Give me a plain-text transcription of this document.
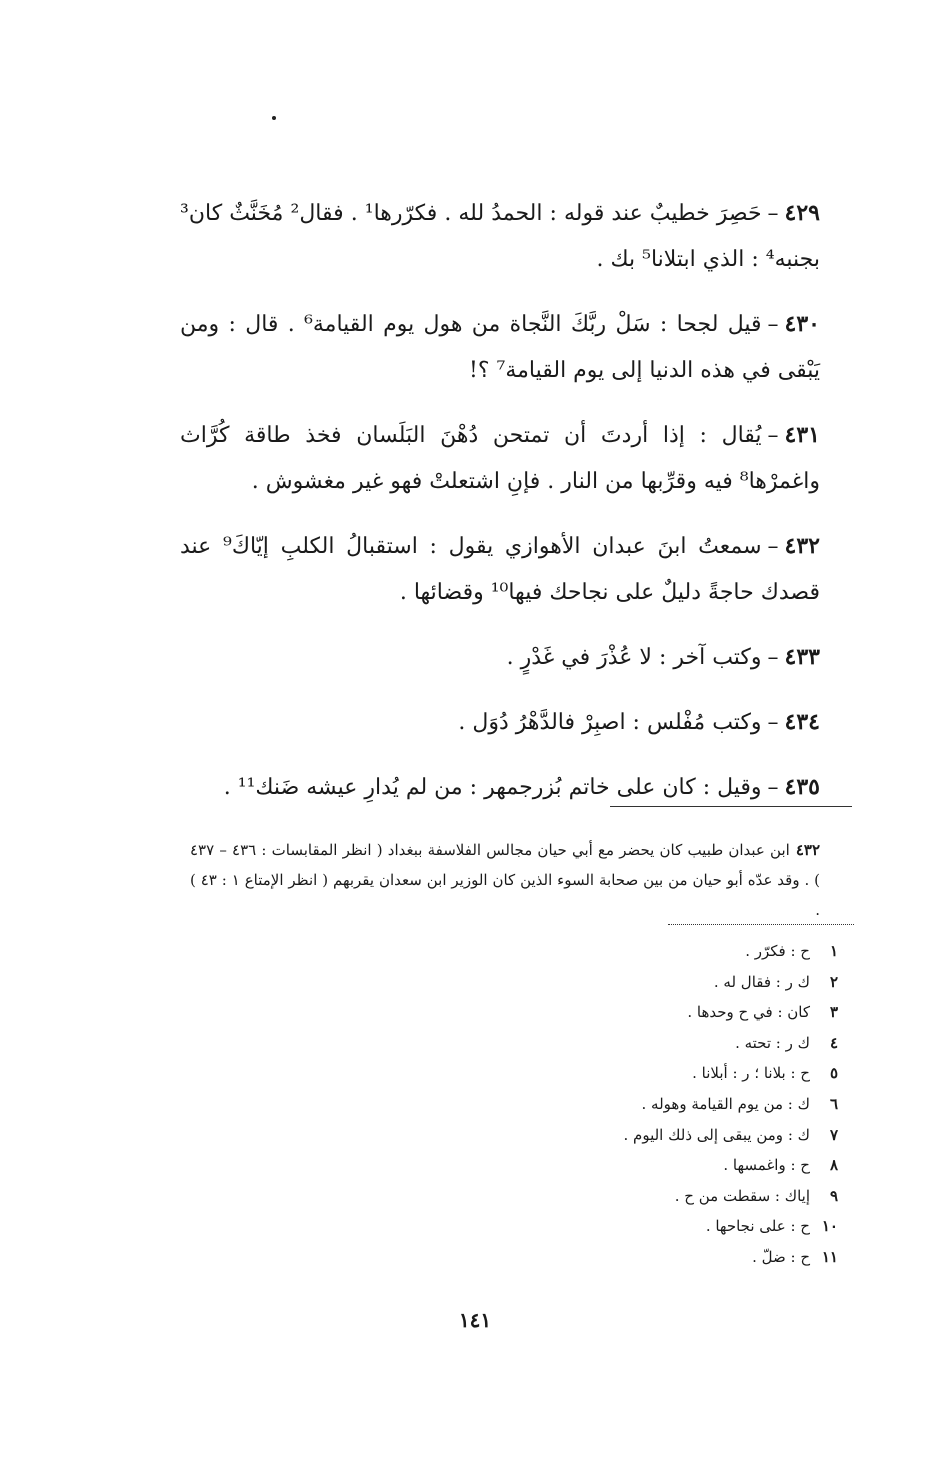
٤٢٩–حَصِرَ خطيبٌ عند قوله : الحمدُ لله . فكرّرها¹ . فقال² مُخَنَّثٌ كان³ بجنبه⁴ : الذي ابتلانا⁵ بك .

٤٣٠–قيل لجحا : سَلْ ربَّكَ النَّجاة من هول يوم القيامة⁶ . قال : ومن يَبْقى في هذه الدنيا إلى يوم القيامة⁷ ؟!

٤٣١–يُقال : إذا أردتَ أن تمتحن دُهْنَ البَلَسان فخذ طاقة كُرَّاث واغمرْها⁸ فيه وقرِّبها من النار . فإنِ اشتعلتْ فهو غير مغشوش .

٤٣٢–سمعتُ ابنَ عبدان الأهوازي يقول : استقبالُ الكلبِ إيّاكَ⁹ عند قصدك حاجةً دليلٌ على نجاحك فيها¹⁰ وقضائها .

٤٣٣–وكتب آخر : لا عُذْرَ في غَدْرٍ .

٤٣٤–وكتب مُفْلس : اصبِرْ فالدَّهْرُ دُوَل .

٤٣٥–وقيل : كان على خاتم بُزرجمهر : من لم يُدارِ عيشه ضَنك¹¹ .

٤٣٢ابن عبدان طبيب كان يحضر مع أبي حيان مجالس الفلاسفة ببغداد ( انظر المقابسات : ٤٣٦ – ٤٣٧ ) . وقد عدّه أبو حيان من بين صحابة السوء الذين كان الوزير ابن سعدان يقربهم ( انظر الإمتاع ١ : ٤٣ ) .

١ح : فكرّر .
٢ك ر : فقال له .
٣كان : في ح وحدها .
٤ك ر : تحته .
٥ح : بلانا ؛ ر : أبلانا .
٦ك : من يوم القيامة وهوله .
٧ك : ومن يبقى إلى ذلك اليوم .
٨ح : واغمسها .
٩إياك : سقطت من ح .
١٠ح : على نجاحها .
١١ح : ضلّ .
١٤١
